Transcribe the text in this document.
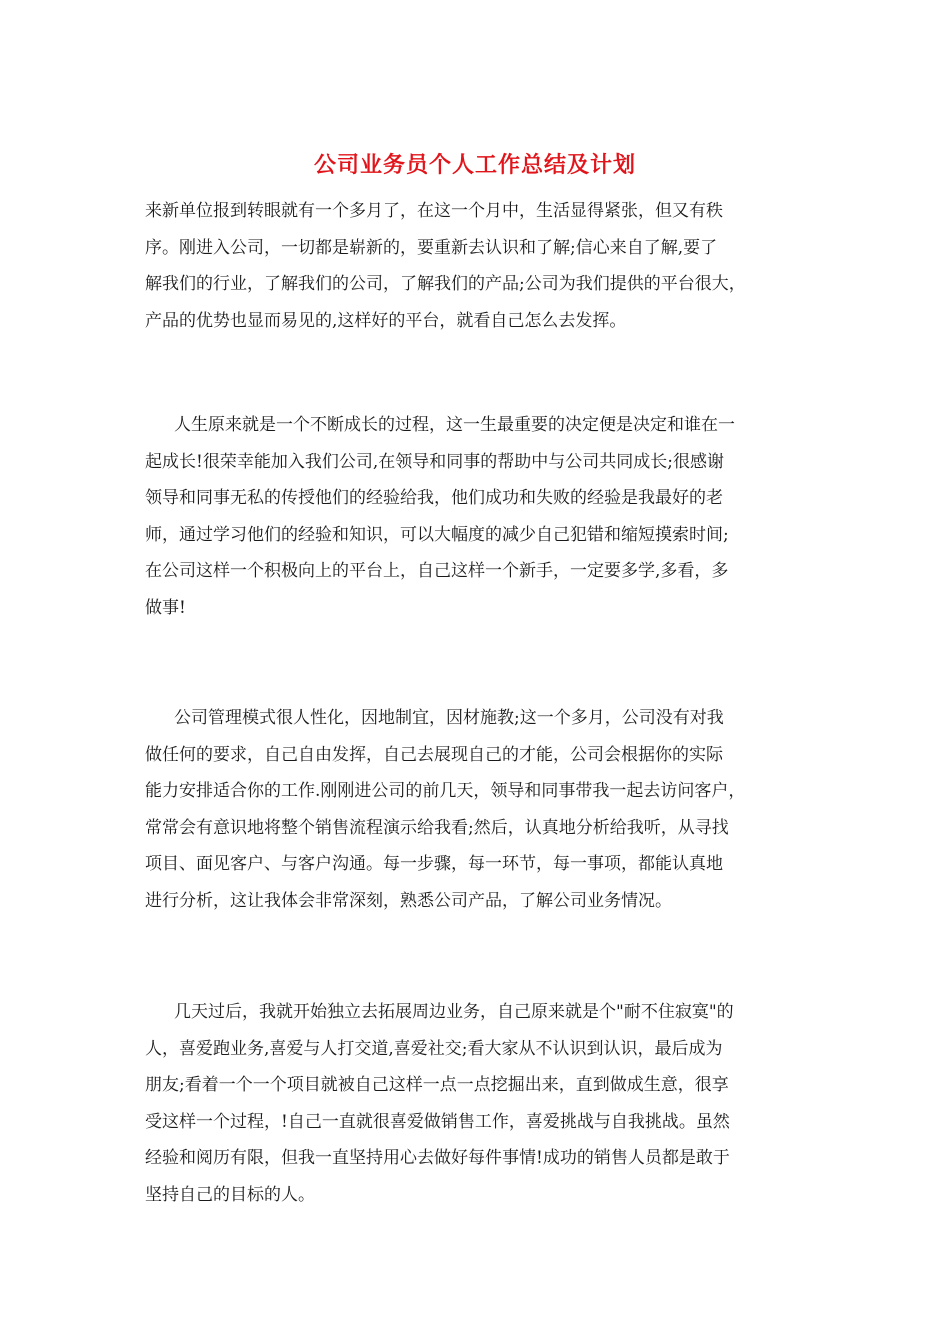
公司业务员个人工作总结及计划

来新单位报到转眼就有一个多月了，在这一个月中，生活显得紧张，但又有秩
序。刚进入公司，一切都是崭新的，要重新去认识和了解;信心来自了解,要了
解我们的行业，了解我们的公司，了解我们的产品;公司为我们提供的平台很大，
产品的优势也显而易见的,这样好的平台，就看自己怎么去发挥。

人生原来就是一个不断成长的过程，这一生最重要的决定便是决定和谁在一
起成长!很荣幸能加入我们公司,在领导和同事的帮助中与公司共同成长;很感谢
领导和同事无私的传授他们的经验给我，他们成功和失败的经验是我最好的老
师，通过学习他们的经验和知识，可以大幅度的减少自己犯错和缩短摸索时间;
在公司这样一个积极向上的平台上，自己这样一个新手，一定要多学,多看，多
做事!

公司管理模式很人性化，因地制宜，因材施教;这一个多月，公司没有对我
做任何的要求，自己自由发挥，自己去展现自己的才能，公司会根据你的实际
能力安排适合你的工作.刚刚进公司的前几天，领导和同事带我一起去访问客户，
常常会有意识地将整个销售流程演示给我看;然后，认真地分析给我听，从寻找
项目、面见客户、与客户沟通。每一步骤，每一环节，每一事项，都能认真地
进行分析，这让我体会非常深刻，熟悉公司产品，了解公司业务情况。

几天过后，我就开始独立去拓展周边业务，自己原来就是个"耐不住寂寞"的
人，喜爱跑业务,喜爱与人打交道,喜爱社交;看大家从不认识到认识，最后成为
朋友;看着一个一个项目就被自己这样一点一点挖掘出来，直到做成生意，很享
受这样一个过程，!自己一直就很喜爱做销售工作，喜爱挑战与自我挑战。虽然
经验和阅历有限，但我一直坚持用心去做好每件事情!成功的销售人员都是敢于
坚持自己的目标的人。
